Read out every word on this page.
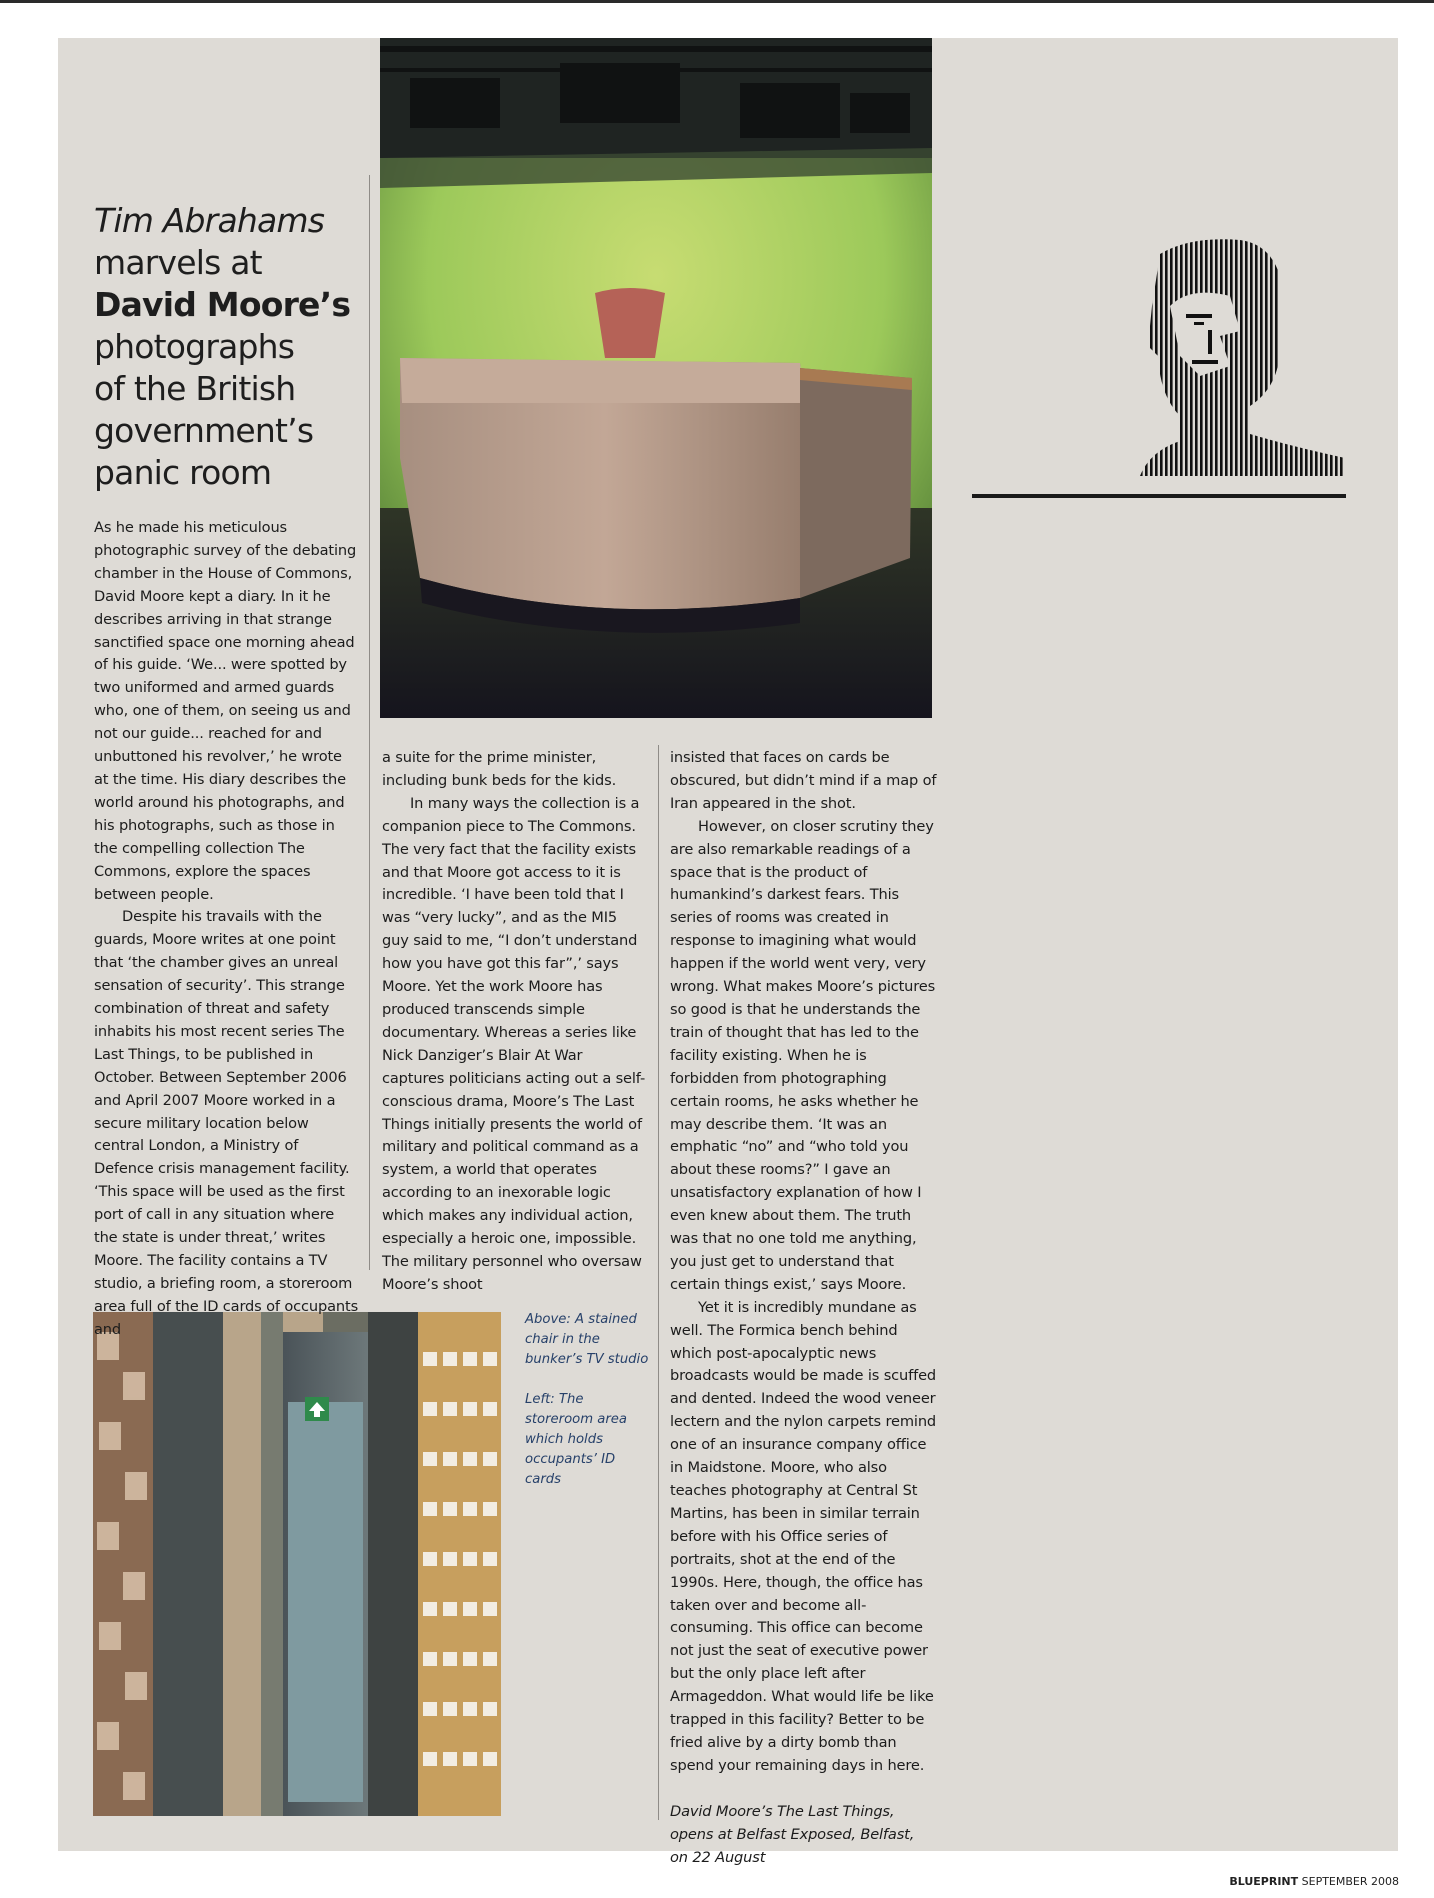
Tim Abrahams
marvels at
David Moore’s
photographs
of the British
government’s
panic room

As he made his meticulous photographic survey of the debating chamber in the House of Commons, David Moore kept a diary. In it he describes arriving in that strange sanctified space one morning ahead of his guide. ‘We... were spotted by two uniformed and armed guards who, one of them, on seeing us and not our guide... reached for and unbuttoned his revolver,’ he wrote at the time. His diary describes the world around his photographs, and his photographs, such as those in the compelling collection The Commons, explore the spaces between people.

Despite his travails with the guards, Moore writes at one point that ‘the chamber gives an unreal sensation of security’. This strange combination of threat and safety inhabits his most recent series The Last Things, to be published in October. Between September 2006 and April 2007 Moore worked in a secure military location below central London, a Ministry of Defence crisis management facility. ‘This space will be used as the first port of call in any situation where the state is under threat,’ writes Moore. The facility contains a TV studio, a briefing room, a storeroom area full of the ID cards of occupants and

a suite for the prime minister, including bunk beds for the kids.

In many ways the collection is a companion piece to The Commons. The very fact that the facility exists and that Moore got access to it is incredible. ‘I have been told that I was “very lucky”, and as the MI5 guy said to me, “I don’t understand how you have got this far”,’ says Moore. Yet the work Moore has produced transcends simple documentary. Whereas a series like Nick Danziger’s Blair At War captures politicians acting out a self-conscious drama, Moore’s The Last Things initially presents the world of military and political command as a system, a world that operates according to an inexorable logic which makes any individual action, especially a heroic one, impossible. The military personnel who oversaw Moore’s shoot

insisted that faces on cards be obscured, but didn’t mind if a map of Iran appeared in the shot.

However, on closer scrutiny they are also remarkable readings of a space that is the product of humankind’s darkest fears. This series of rooms was created in response to imagining what would happen if the world went very, very wrong. What makes Moore’s pictures so good is that he understands the train of thought that has led to the facility existing. When he is forbidden from photographing certain rooms, he asks whether he may describe them. ‘It was an emphatic “no” and “who told you about these rooms?” I gave an unsatisfactory explanation of how I even knew about them. The truth was that no one told me anything, you just get to understand that certain things exist,’ says Moore.

Yet it is incredibly mundane as well. The Formica bench behind which post-apocalyptic news broadcasts would be made is scuffed and dented. Indeed the wood veneer lectern and the nylon carpets remind one of an insurance company office in Maidstone. Moore, who also teaches photography at Central St Martins, has been in similar terrain before with his Office series of portraits, shot at the end of the 1990s. Here, though, the office has taken over and become all-consuming. This office can become not just the seat of executive power but the only place left after Armageddon. What would life be like trapped in this facility? Better to be fried alive by a dirty bomb than spend your remaining days in here.

David Moore’s The Last Things,
opens at Belfast Exposed, Belfast,
on 22 August

Above: A stained chair in the bunker’s TV studio

Left: The storeroom area which holds occupants’ ID cards

BLUEPRINT SEPTEMBER 2008
